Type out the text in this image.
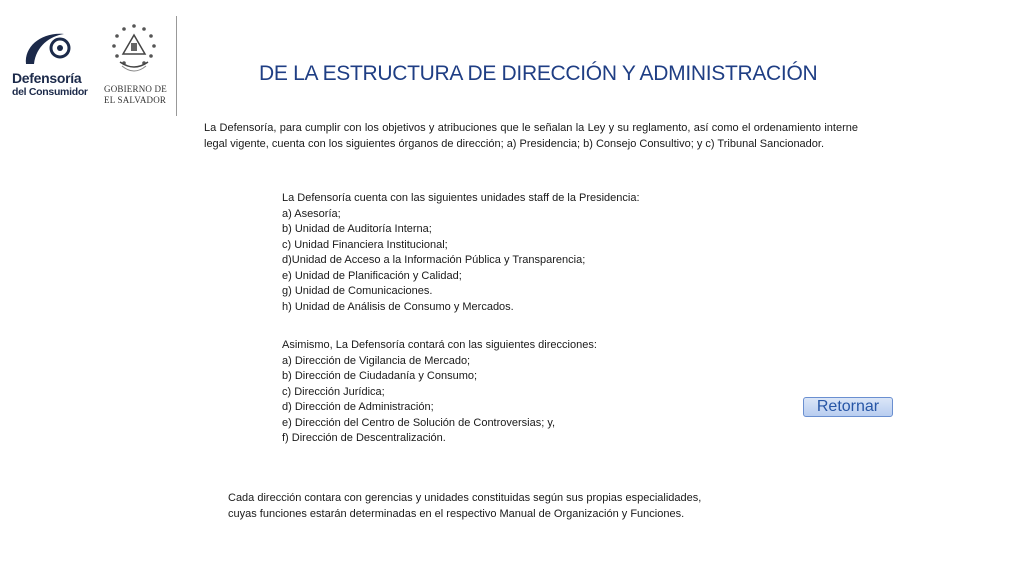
Defensoría
del Consumidor GOBIERNO DE
EL SALVADOR
DE LA ESTRUCTURA DE DIRECCIÓN Y ADMINISTRACIÓN

La Defensoría, para cumplir con los objetivos y atribuciones que le señalan la Ley y su reglamento, así como el ordenamiento interne legal vigente, cuenta con los siguientes órganos de dirección; a) Presidencia; b) Consejo Consultivo; y c) Tribunal Sancionador.

La Defensoría cuenta con las siguientes unidades staff de la Presidencia:
a) Asesoría;
b) Unidad de Auditoría Interna;
c) Unidad Financiera Institucional;
d)Unidad de Acceso a la Información Pública y Transparencia;
e) Unidad de Planificación y Calidad;
g) Unidad de Comunicaciones.
h) Unidad de Análisis de Consumo y Mercados.
Asimismo, La Defensoría contará con las siguientes direcciones:
a) Dirección de Vigilancia de Mercado;
b) Dirección de Ciudadanía y Consumo;
c) Dirección Jurídica;
d) Dirección de Administración;
e) Dirección del Centro de Solución de Controversias; y,
f) Dirección de Descentralización.
Retornar
Cada dirección contara con gerencias y unidades constituidas según sus propias especialidades,
cuyas funciones estarán determinadas en el respectivo Manual de Organización y Funciones.
